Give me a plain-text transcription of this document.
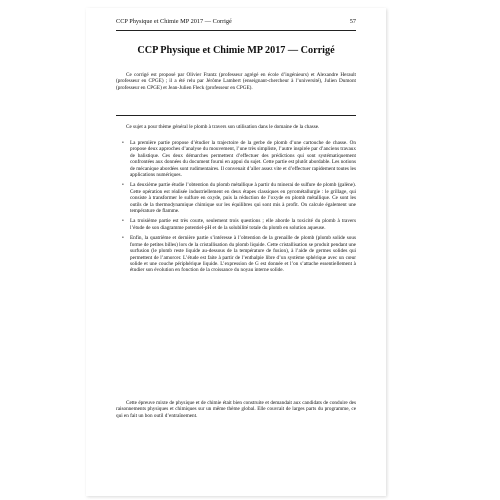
CCP Physique et Chimie MP 2017 — Corrigé	57
CCP Physique et Chimie MP 2017 — Corrigé
Ce corrigé est proposé par Olivier Frantz (professeur agrégé en école d’ingénieurs) et Alexandre Herault (professeur en CPGE) ; il a été relu par Jérôme Lambert (enseignant-chercheur à l’université), Julien Dumont (professeur en CPGE) et Jean-Julien Fleck (professeur en CPGE).
Ce sujet a pour thème général le plomb à travers son utilisation dans le domaine de la chasse.
• La première partie propose d’étudier la trajectoire de la gerbe de plomb d’une cartouche de chasse. On propose deux approches d’analyse du mouvement, l’une très simpliste, l’autre inspirée par d’anciens travaux de balistique. Ces deux démarches permettent d’effectuer des prédictions qui sont systématiquement confrontées aux données du document fourni en appui du sujet. Cette partie est plutôt abordable. Les notions de mécanique abordées sont rudimentaires. Il convenait d’aller assez vite et d’effectuer rapidement toutes les applications numériques.
• La deuxième partie étudie l’obtention du plomb métallique à partir du minerai de sulfure de plomb (galène). Cette opération est réalisée industriellement en deux étapes classiques en pyrométallurgie : le grillage, qui consiste à transformer le sulfure en oxyde, puis la réduction de l’oxyde en plomb métallique. Ce sont les outils de la thermodynamique chimique sur les équilibres qui sont mis à profit. On calcule également une température de flamme.
• La troisième partie est très courte, seulement trois questions ; elle aborde la toxicité du plomb à travers l’étude de son diagramme potentiel-pH et de la solubilité totale du plomb en solution aqueuse.
• Enfin, la quatrième et dernière partie s’intéresse à l’obtention de la grenaille de plomb (plomb solide sous forme de petites billes) lors de la cristallisation du plomb liquide. Cette cristallisation se produit pendant une surfusion (le plomb reste liquide au-dessous de la température de fusion), à l’aide de germes solides qui permettent de l’amorcer. L’étude est faite à partir de l’enthalpie libre d’un système sphérique avec un cœur solide et une couche périphérique liquide. L’expression de G est donnée et l’on s’attache essentiellement à étudier son évolution en fonction de la croissance du noyau interne solide.
Cette épreuve mixte de physique et de chimie était bien construite et demandait aux candidats de conduire des raisonnements physiques et chimiques sur un même thème global. Elle couvrait de larges parts du programme, ce qui en fait un bon outil d’entraînement.
